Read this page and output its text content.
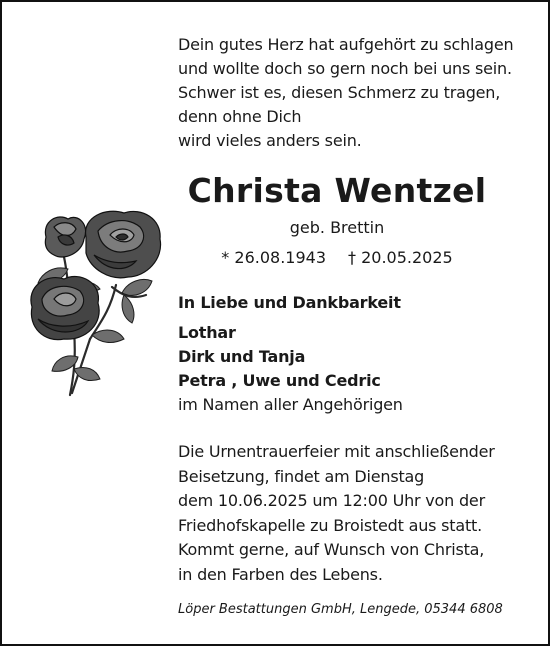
Dein gutes Herz hat aufgehört zu schlagen
und wollte doch so gern noch bei uns sein.
Schwer ist es, diesen Schmerz zu tragen,
denn ohne Dich
wird vieles anders sein.
Christa Wentzel
geb. Brettin
* 26.08.1943 † 20.05.2025
In Liebe und Dankbarkeit
Lothar
Dirk und Tanja
Petra , Uwe und Cedric
im Namen aller Angehörigen
Die Urnentrauerfeier mit anschließender
Beisetzung, findet am Dienstag
dem 10.06.2025 um 12:00 Uhr von der
Friedhofskapelle zu Broistedt aus statt.
Kommt gerne, auf Wunsch von Christa,
in den Farben des Lebens.
Löper Bestattungen GmbH, Lengede, 05344 6808
